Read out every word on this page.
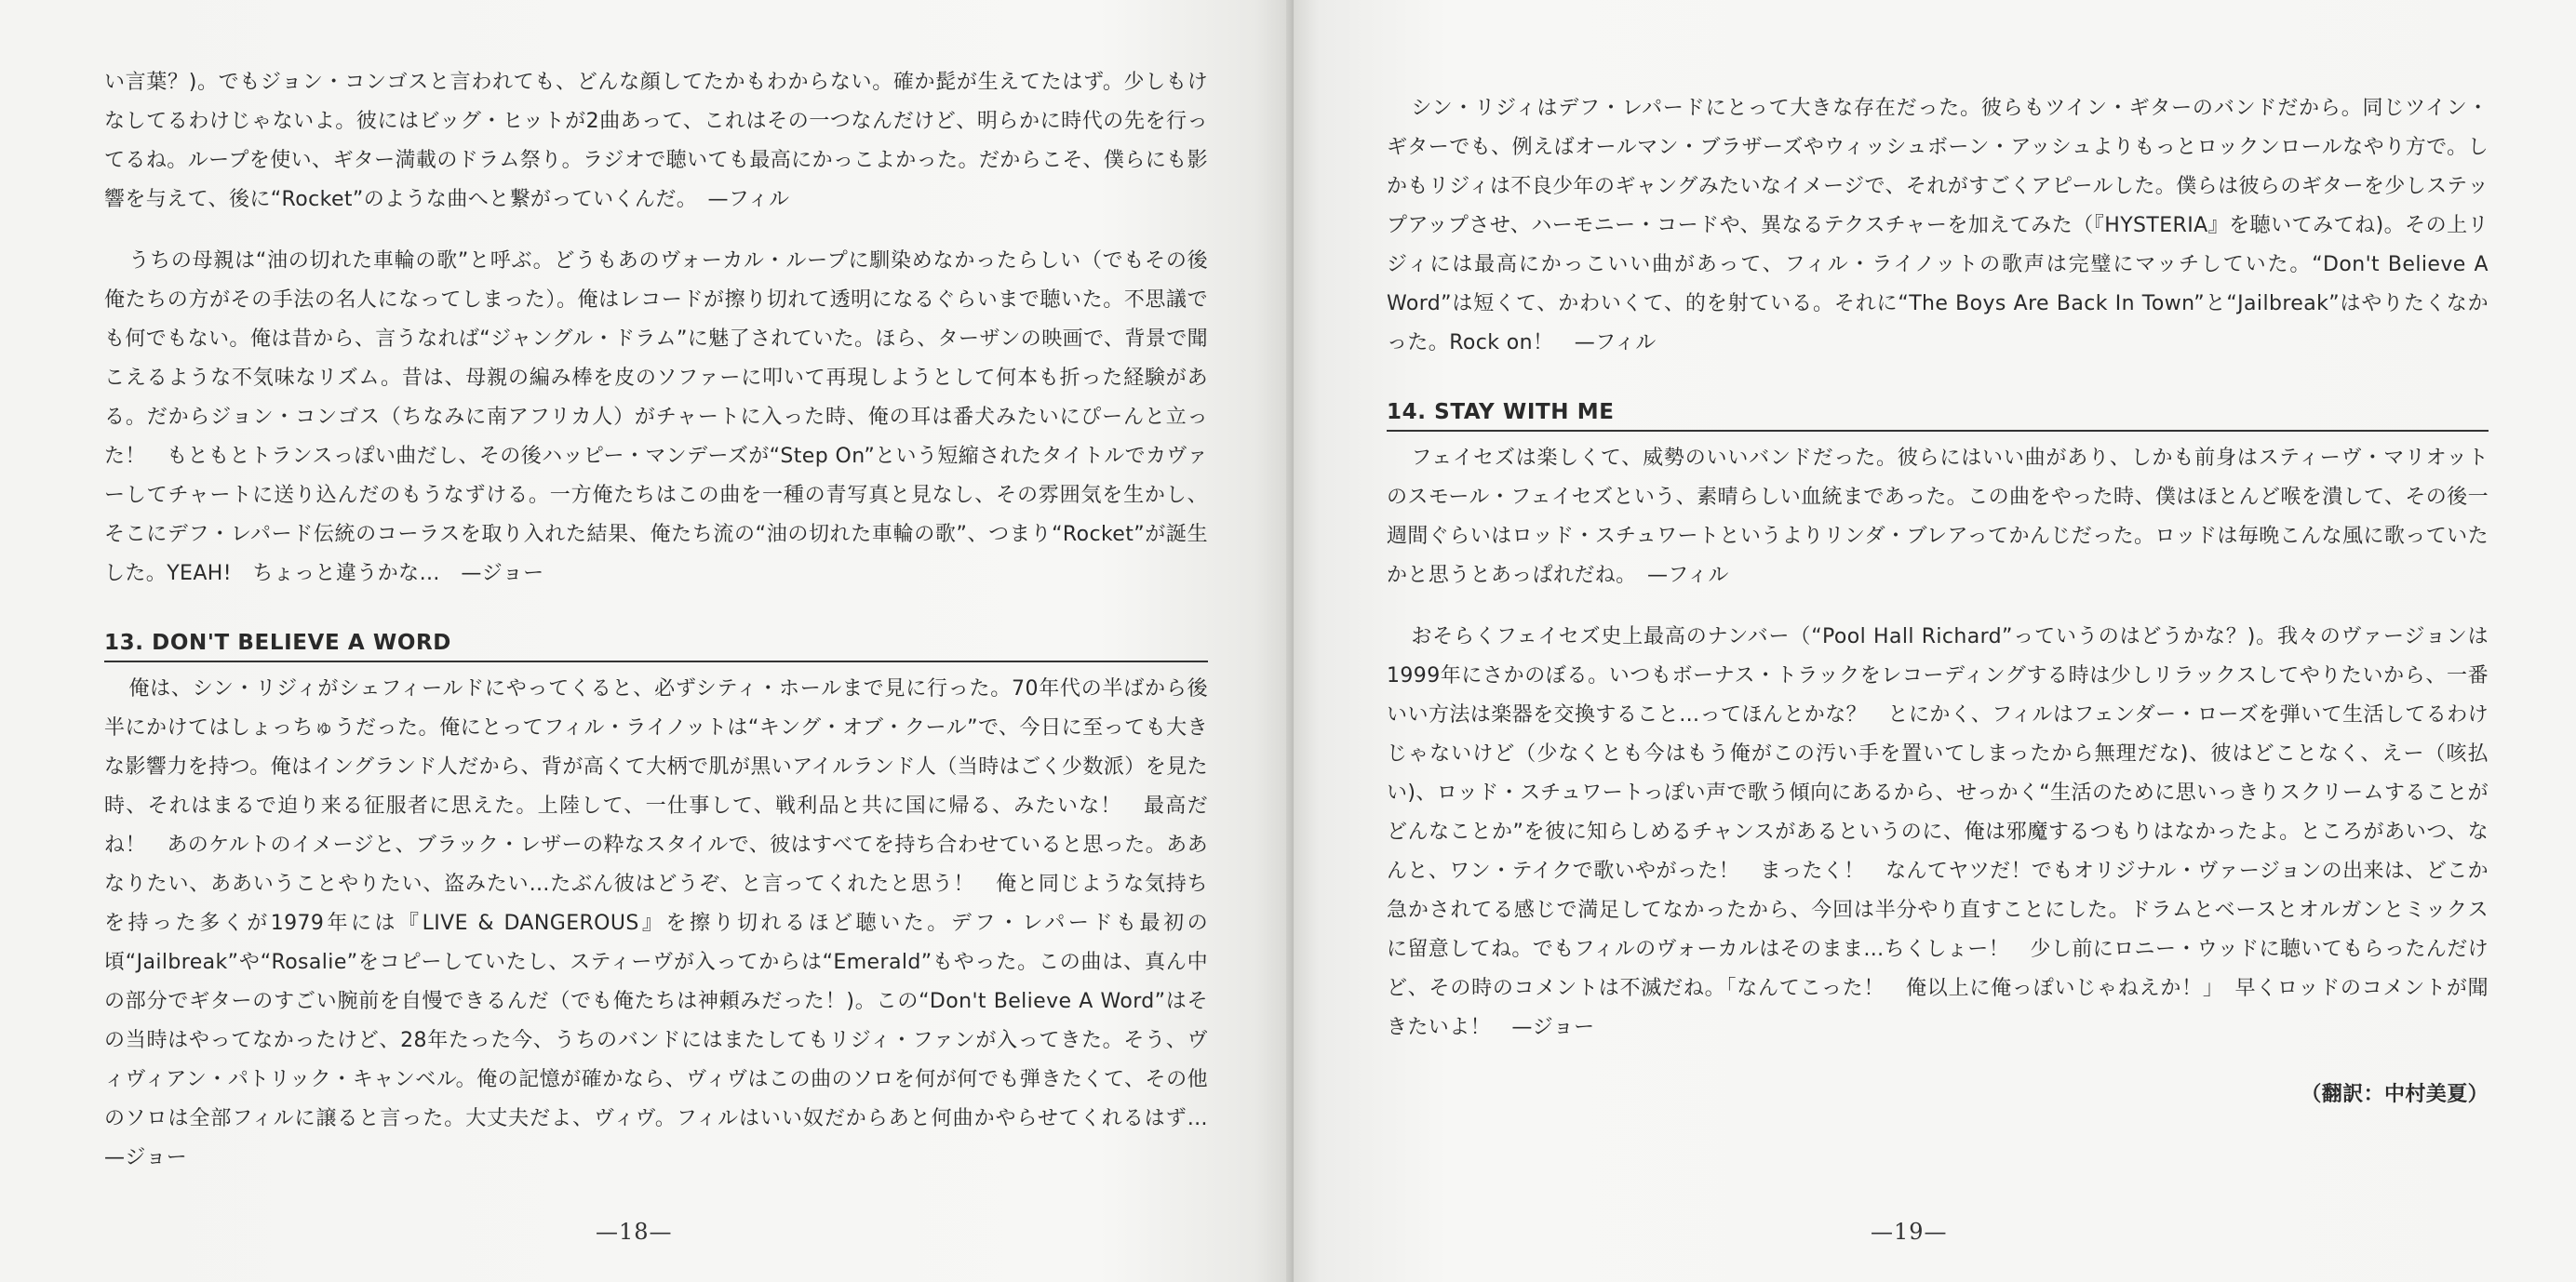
い言葉？)。でもジョン・コンゴスと言われても、どんな顔してたかもわからない。確か髭が生えてたはず。少しもけなしてるわけじゃないよ。彼にはビッグ・ヒットが2曲あって、これはその一つなんだけど、明らかに時代の先を行ってるね。ループを使い、ギター満載のドラム祭り。ラジオで聴いても最高にかっこよかった。だからこそ、僕らにも影響を与えて、後に“Rocket”のような曲へと繋がっていくんだ。　—フィル

うちの母親は“油の切れた車輪の歌”と呼ぶ。どうもあのヴォーカル・ループに馴染めなかったらしい（でもその後俺たちの方がその手法の名人になってしまった）。俺はレコードが擦り切れて透明になるぐらいまで聴いた。不思議でも何でもない。俺は昔から、言うなれば“ジャングル・ドラム”に魅了されていた。ほら、ターザンの映画で、背景で聞こえるような不気味なリズム。昔は、母親の編み棒を皮のソファーに叩いて再現しようとして何本も折った経験がある。だからジョン・コンゴス（ちなみに南アフリカ人）がチャートに入った時、俺の耳は番犬みたいにぴーんと立った！　もともとトランスっぽい曲だし、その後ハッピー・マンデーズが“Step On”という短縮されたタイトルでカヴァーしてチャートに送り込んだのもうなずける。一方俺たちはこの曲を一種の青写真と見なし、その雰囲気を生かし、そこにデフ・レパード伝統のコーラスを取り入れた結果、俺たち流の“油の切れた車輪の歌”、つまり“Rocket”が誕生した。YEAH!　ちょっと違うかな…　—ジョー

13. DON'T BELIEVE A WORD

俺は、シン・リジィがシェフィールドにやってくると、必ずシティ・ホールまで見に行った。70年代の半ばから後半にかけてはしょっちゅうだった。俺にとってフィル・ライノットは“キング・オブ・クール”で、今日に至っても大きな影響力を持つ。俺はイングランド人だから、背が高くて大柄で肌が黒いアイルランド人（当時はごく少数派）を見た時、それはまるで迫り来る征服者に思えた。上陸して、一仕事して、戦利品と共に国に帰る、みたいな！　最高だね！　あのケルトのイメージと、ブラック・レザーの粋なスタイルで、彼はすべてを持ち合わせていると思った。ああなりたい、ああいうことやりたい、盗みたい…たぶん彼はどうぞ、と言ってくれたと思う！　俺と同じような気持ちを持った多くが1979年には『LIVE & DANGEROUS』を擦り切れるほど聴いた。デフ・レパードも最初の頃“Jailbreak”や“Rosalie”をコピーしていたし、スティーヴが入ってからは“Emerald”もやった。この曲は、真ん中の部分でギターのすごい腕前を自慢できるんだ（でも俺たちは神頼みだった！)。この“Don't Believe A Word”はその当時はやってなかったけど、28年たった今、うちのバンドにはまたしてもリジィ・ファンが入ってきた。そう、ヴィヴィアン・パトリック・キャンベル。俺の記憶が確かなら、ヴィヴはこの曲のソロを何が何でも弾きたくて、その他のソロは全部フィルに譲ると言った。大丈夫だよ、ヴィヴ。フィルはいい奴だからあと何曲かやらせてくれるはず…　—ジョー

—18—

シン・リジィはデフ・レパードにとって大きな存在だった。彼らもツイン・ギターのバンドだから。同じツイン・ギターでも、例えばオールマン・ブラザーズやウィッシュボーン・アッシュよりもっとロックンロールなやり方で。しかもリジィは不良少年のギャングみたいなイメージで、それがすごくアピールした。僕らは彼らのギターを少しステップアップさせ、ハーモニー・コードや、異なるテクスチャーを加えてみた（『HYSTERIA』を聴いてみてね)。その上リジィには最高にかっこいい曲があって、フィル・ライノットの歌声は完璧にマッチしていた。“Don't Believe A Word”は短くて、かわいくて、的を射ている。それに“The Boys Are Back In Town”と“Jailbreak”はやりたくなかった。Rock on！　—フィル

14. STAY WITH ME

フェイセズは楽しくて、威勢のいいバンドだった。彼らにはいい曲があり、しかも前身はスティーヴ・マリオットのスモール・フェイセズという、素晴らしい血統まであった。この曲をやった時、僕はほとんど喉を潰して、その後一週間ぐらいはロッド・スチュワートというよりリンダ・ブレアってかんじだった。ロッドは毎晩こんな風に歌っていたかと思うとあっぱれだね。　—フィル

おそらくフェイセズ史上最高のナンバー（“Pool Hall Richard”っていうのはどうかな？)。我々のヴァージョンは1999年にさかのぼる。いつもボーナス・トラックをレコーディングする時は少しリラックスしてやりたいから、一番いい方法は楽器を交換すること…ってほんとかな？　とにかく、フィルはフェンダー・ローズを弾いて生活してるわけじゃないけど（少なくとも今はもう俺がこの汚い手を置いてしまったから無理だな)、彼はどことなく、えー（咳払い)、ロッド・スチュワートっぽい声で歌う傾向にあるから、せっかく“生活のために思いっきりスクリームすることがどんなことか”を彼に知らしめるチャンスがあるというのに、俺は邪魔するつもりはなかったよ。ところがあいつ、なんと、ワン・テイクで歌いやがった！　まったく！　なんてヤツだ！でもオリジナル・ヴァージョンの出来は、どこか急かされてる感じで満足してなかったから、今回は半分やり直すことにした。ドラムとベースとオルガンとミックスに留意してね。でもフィルのヴォーカルはそのまま…ちくしょー！　少し前にロニー・ウッドに聴いてもらったんだけど、その時のコメントは不滅だね。「なんてこった！　俺以上に俺っぽいじゃねえか！」　早くロッドのコメントが聞きたいよ！　—ジョー

（翻訳：中村美夏）
—19—
